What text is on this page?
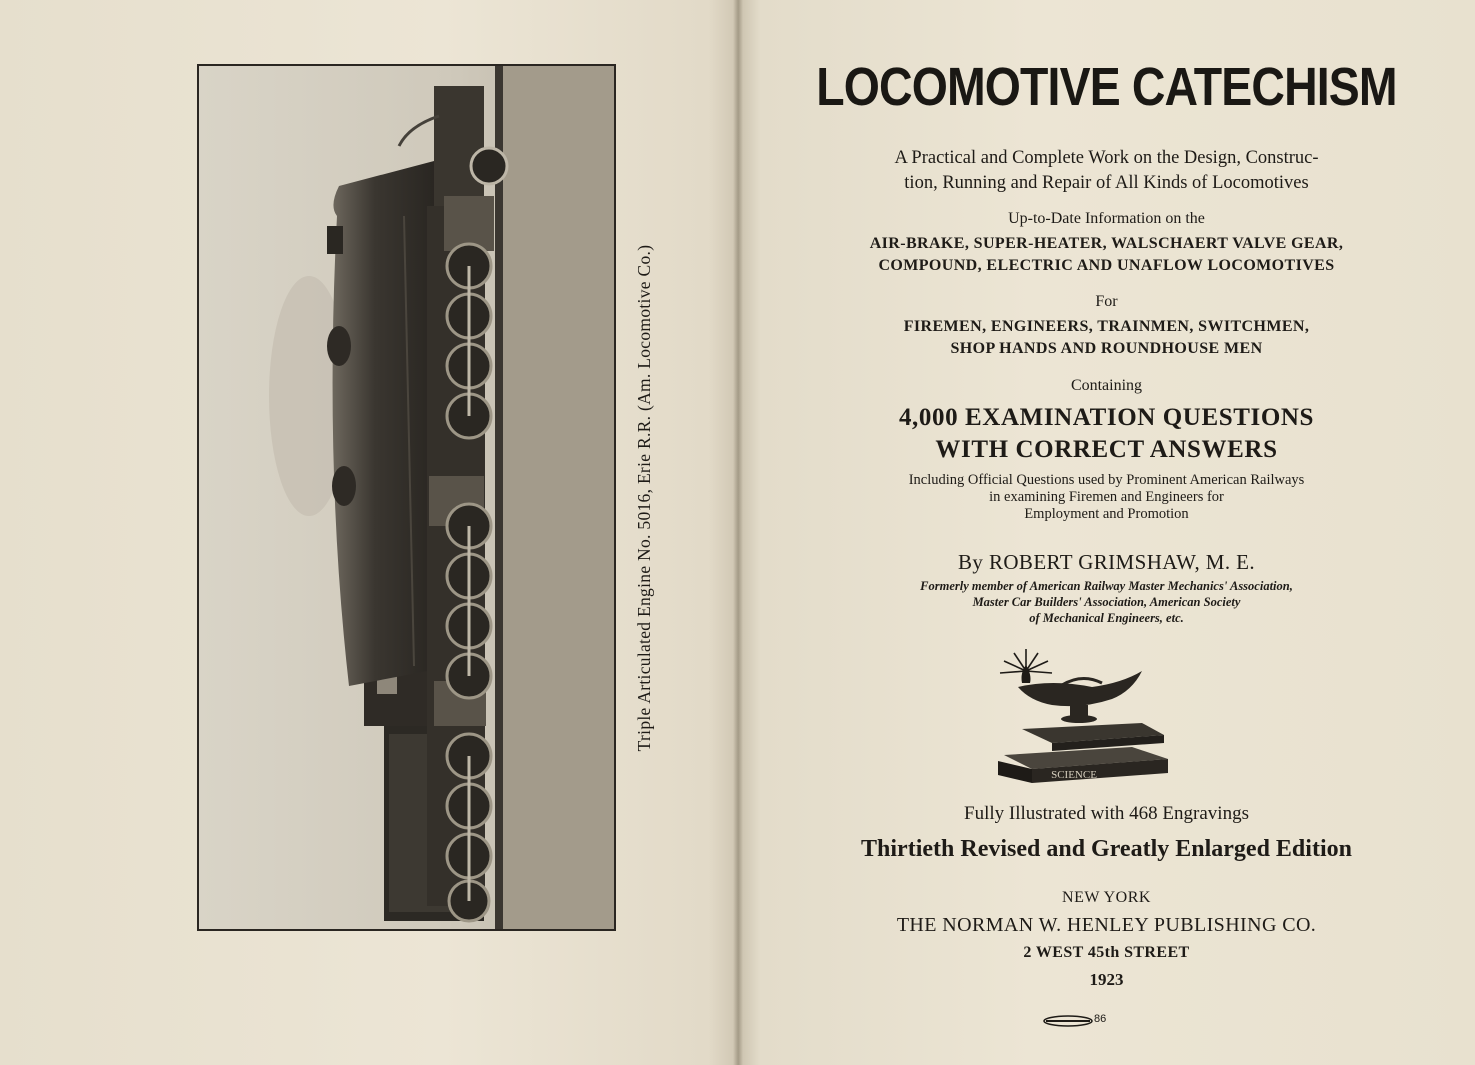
Triple Articulated Engine No. 5016, Erie R.R. (Am. Locomotive Co.)
LOCOMOTIVE CATECHISM
A Practical and Complete Work on the Design, Construc-
tion, Running and Repair of All Kinds of Locomotives
Up-to-Date Information on the
AIR-BRAKE, SUPER-HEATER, WALSCHAERT VALVE GEAR,
COMPOUND, ELECTRIC AND UNAFLOW LOCOMOTIVES
For
FIREMEN, ENGINEERS, TRAINMEN, SWITCHMEN,
SHOP HANDS AND ROUNDHOUSE MEN
Containing
4,000 EXAMINATION QUESTIONS
WITH CORRECT ANSWERS
Including Official Questions used by Prominent American Railways
in examining Firemen and Engineers for
Employment and Promotion
By ROBERT GRIMSHAW, M. E.
Formerly member of American Railway Master Mechanics' Association,
Master Car Builders' Association, American Society
of Mechanical Engineers, etc.
SCIENCE
Fully Illustrated with 468 Engravings
Thirtieth Revised and Greatly Enlarged Edition
NEW YORK
THE NORMAN W. HENLEY PUBLISHING CO.
2 WEST 45th STREET
1923
86
